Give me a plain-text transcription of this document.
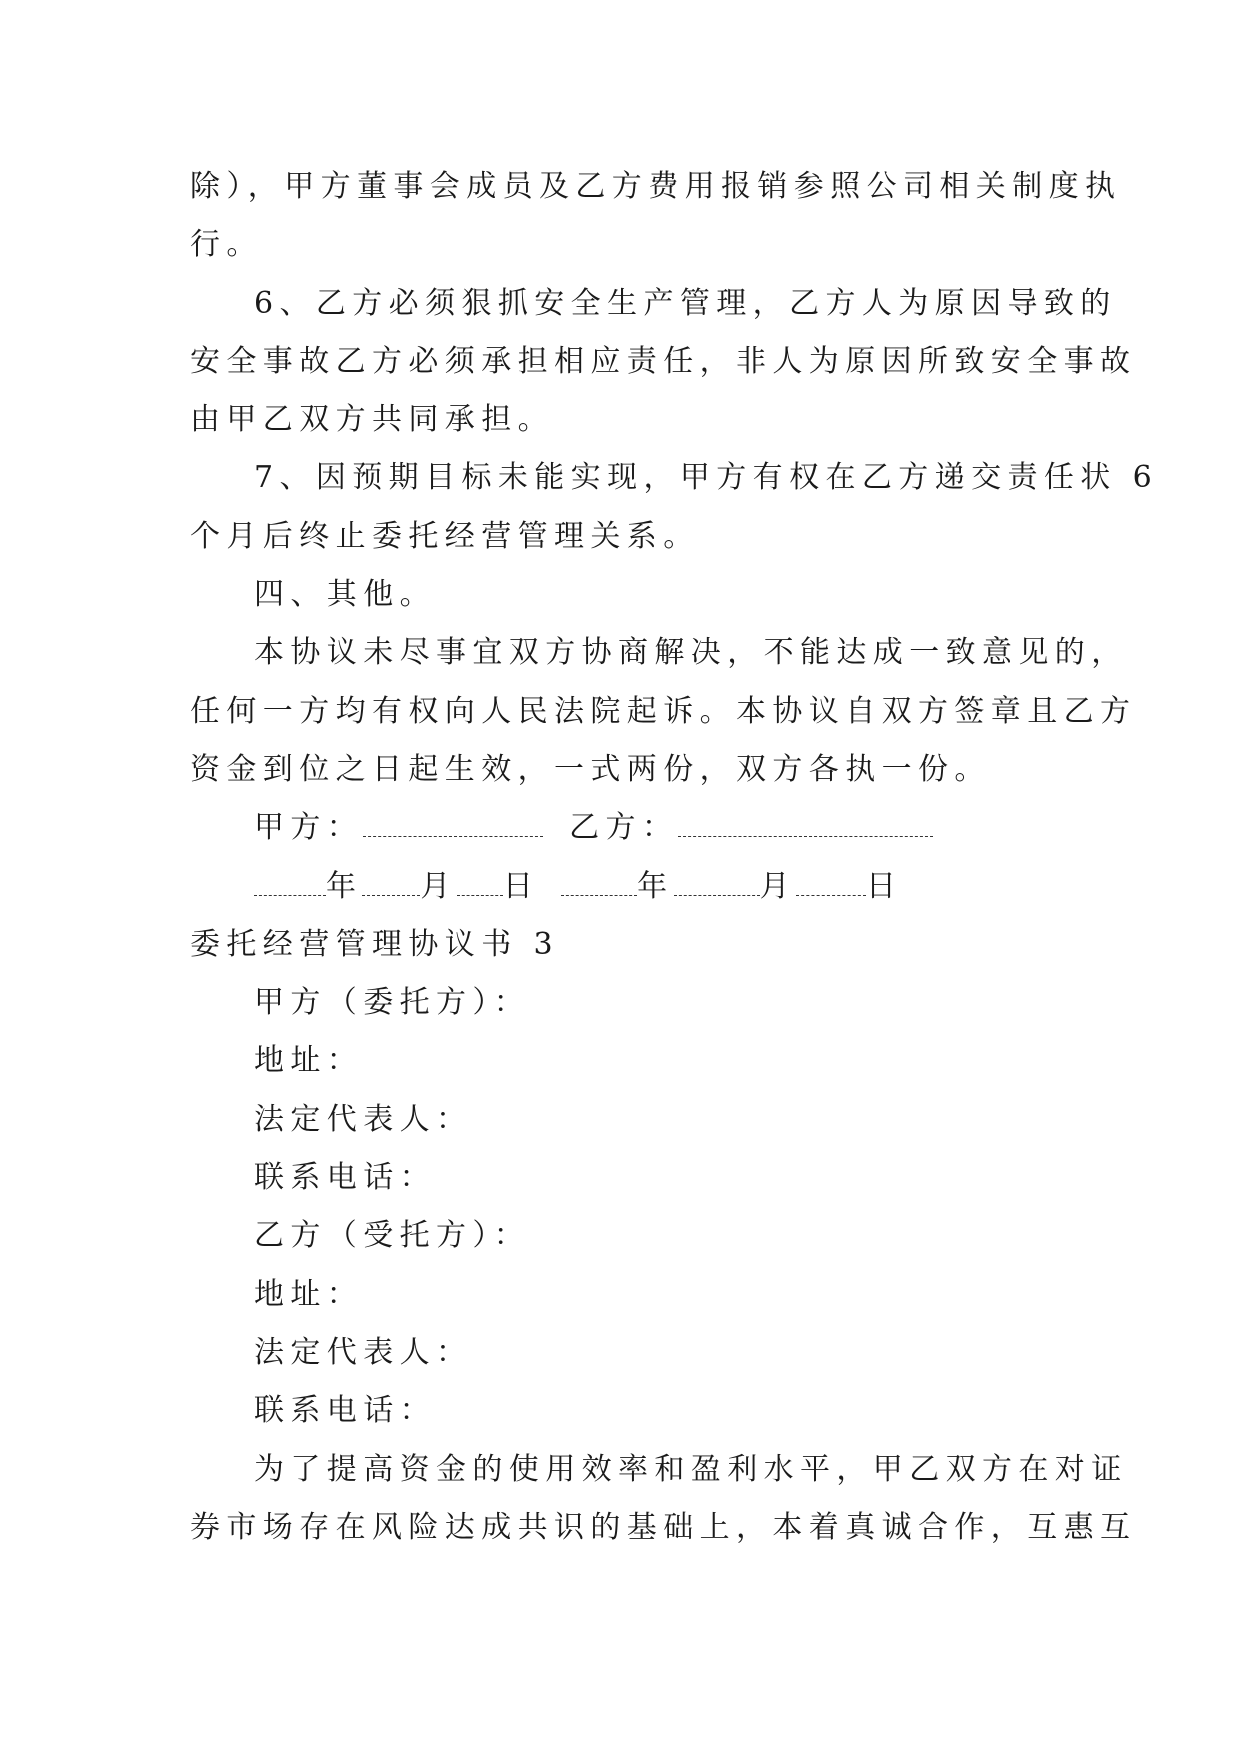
除），甲方董事会成员及乙方费用报销参照公司相关制度执

行。

6、乙方必须狠抓安全生产管理，乙方人为原因导致的

安全事故乙方必须承担相应责任，非人为原因所致安全事故

由甲乙双方共同承担。

7、因预期目标未能实现，甲方有权在乙方递交责任状 6

个月后终止委托经营管理关系。

四、其他。

本协议未尽事宜双方协商解决，不能达成一致意见的，

任何一方均有权向人民法院起诉。本协议自双方签章且乙方

资金到位之日起生效，一式两份，双方各执一份。

甲方：	乙方：

年 月 日	年	月 日

委托经营管理协议书 3

甲方（委托方）：

地址：

法定代表人：

联系电话：

乙方（受托方）：

地址：

法定代表人：

联系电话：

为了提高资金的使用效率和盈利水平，甲乙双方在对证

券市场存在风险达成共识的基础上，本着真诚合作，互惠互
